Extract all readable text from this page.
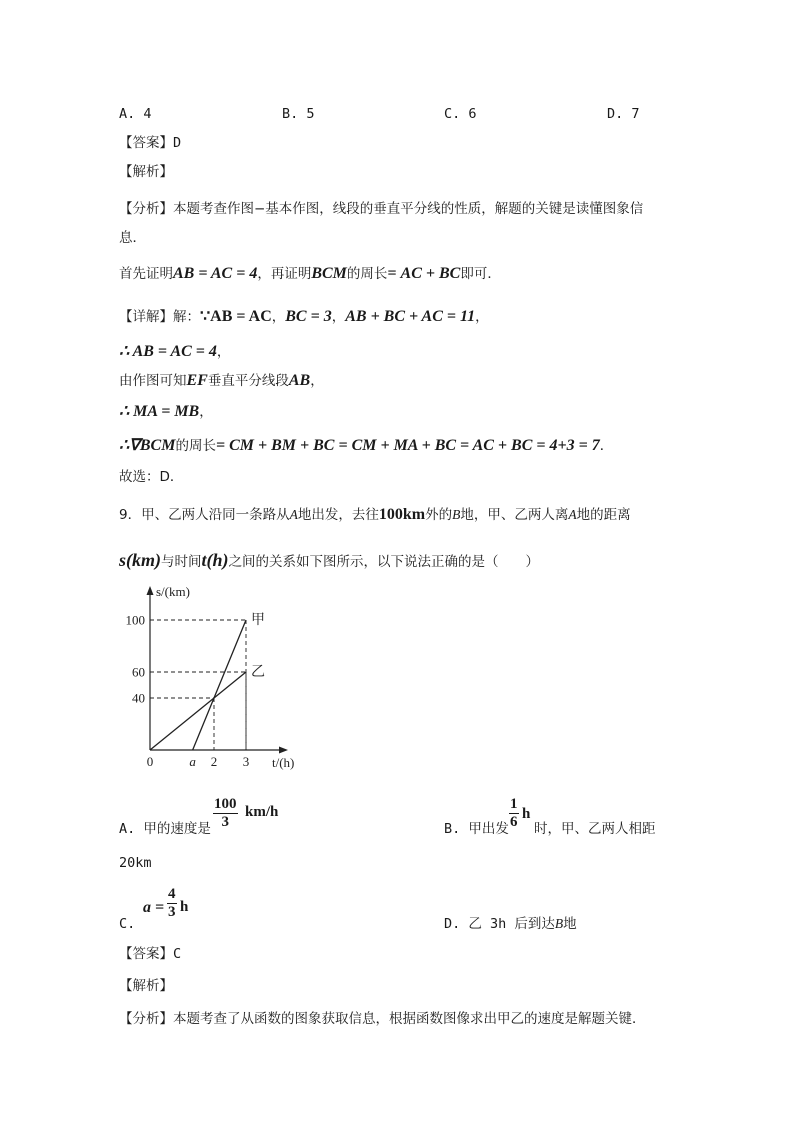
A. 4	B. 5	C. 6	D. 7
【答案】D
【解析】
【分析】本题考查作图−基本作图，线段的垂直平分线的性质，解题的关键是读懂图象信
息．
首先证明AB = AC = 4，再证明BCM的周长= AC + BC即可．
【详解】解：∵AB = AC，BC = 3，AB + BC + AC = 11，
∴ AB = AC = 4，
由作图可知EF垂直平分线段AB，
∴ MA = MB，
∴∇BCM的周长= CM + BM + BC = CM + MA + BC = AC + BC = 4+3 = 7．
故选：D．
9．甲、乙两人沿同一条路从A地出发，去往100km外的B地，甲、乙两人离A地的距离
s(km)与时间t(h)之间的关系如下图所示，以下说法正确的是（　　）
甲
乙
40
60
100
0	a 2 3
s/(km)
t/(h)
A. 甲的速度是 $\frac{100}{3} km/h$
B. 甲出发 $\frac{1}{6}$ h
时，甲、乙两人相距
20km
C.
$a = \frac{4}{3}$ h
D. 乙 3h 后到达B地
【答案】C
【解析】
【分析】本题考查了从函数的图象获取信息，根据函数图像求出甲乙的速度是解题关键．
